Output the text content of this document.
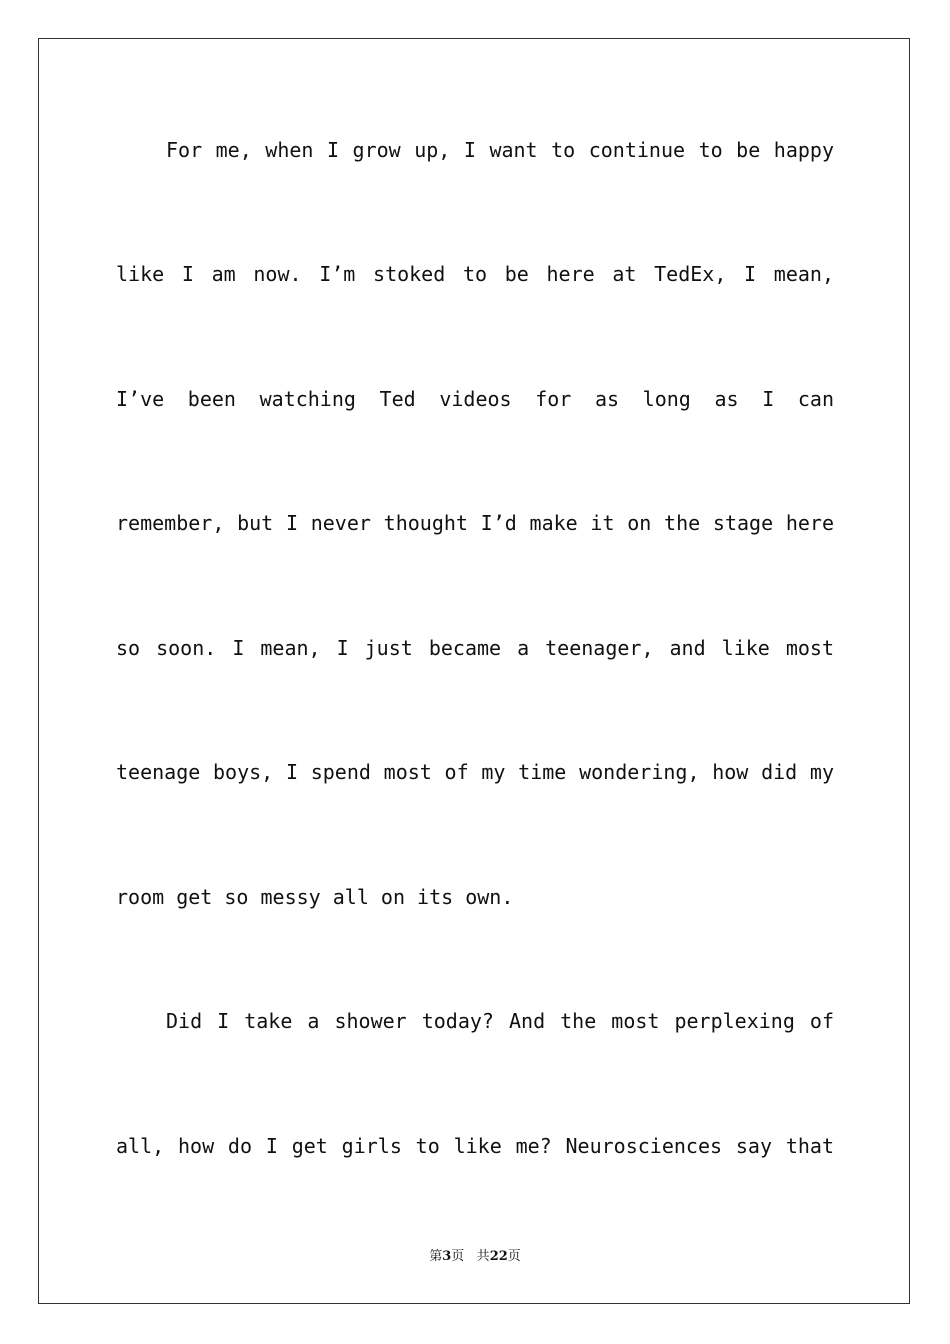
For me, when I grow up, I want to continue to be happy
like I am now. I’m stoked to be here at TedEx, I mean,
I’ve been watching Ted videos for as long as I can
remember, but I never thought I’d make it on the stage here
so soon. I mean, I just became a teenager, and like most
teenage boys, I spend most of my time wondering, how did my
room get so messy all on its own.
Did I take a shower today? And the most perplexing of
all, how do I get girls to like me? Neurosciences say that
第3页 共22页
